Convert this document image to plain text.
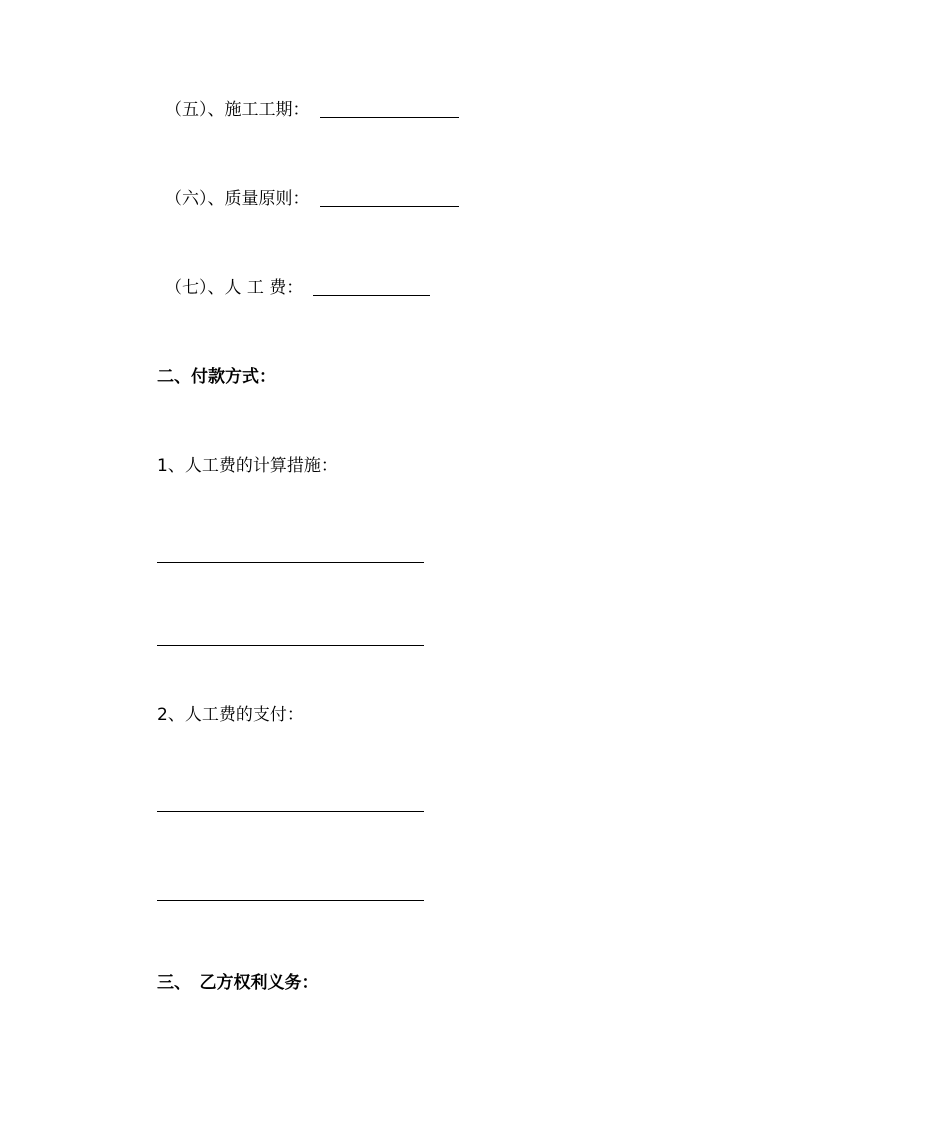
（五）、施工工期：
（六）、质量原则：
（七）、人 工 费：
二、付款方式：
1、人工费的计算措施：
2、人工费的支付：
三、　乙方权利义务：
